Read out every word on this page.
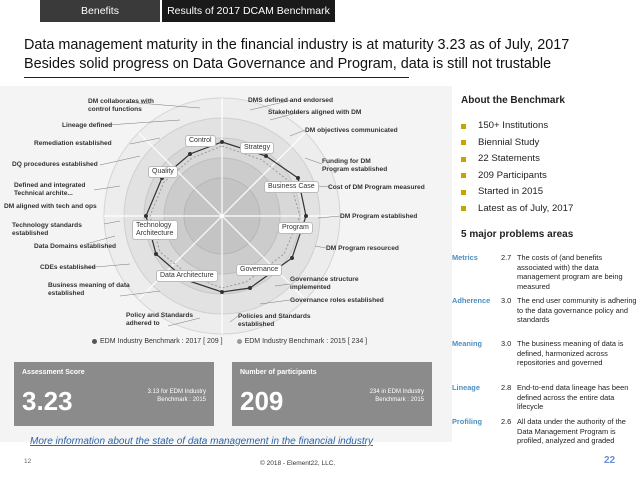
Benefits	Results of 2017 DCAM Benchmark
Data management maturity in the financial industry is at maturity 3.23 as of July, 2017
Besides solid progress on Data Governance and Program, data is still not trustable
Control
Strategy
Business Case
Program
Governance
Data Architecture
Technology Architecture
Quality
DM collaborates with control functions
Lineage defined
Remediation established
DQ procedures established
Defined and integrated Technical archite...
DM aligned with tech and ops
Technology standards established
Data Domains established
CDEs established
Business meaning of data established
Policy and Standards adhered to
DMS defined and endorsed
Stakeholders aligned with DM
DM objectives communicated
Funding for DM Program established
Cost of DM Program measured
DM Program established
DM Program resourced
Governance structure implemented
Governance roles established
Policies and Standards established
EDM Industry Benchmark : 2017 [ 209 ]	EDM Industry Benchmark : 2015 [ 234 ]
Assessment Score
3.23	3.13 for EDM Industry
Benchmark : 2015
Number of participants
209	234 in EDM Industry
Benchmark : 2015
More information about the state of data management in the financial industry
About the Benchmark
150+ Institutions
Biennial Study
22 Statements
209 Participants
Started in 2015
Latest as of July, 2017
5 major problems areas
Metrics	2.7 The costs of (and benefits associated with) the data management program are being measured
Adherence	3.0 The end user community is adhering to the data governance policy and standards
Meaning	3.0 The business meaning of data is defined, harmonized across repositories and governed
Lineage	2.8 End-to-end data lineage has been defined across the entire data lifecycle
Profiling	2.6 All data under the authority of the Data Management Program is profiled, analyzed and graded
12	© 2018 - Element22, LLC.	22
